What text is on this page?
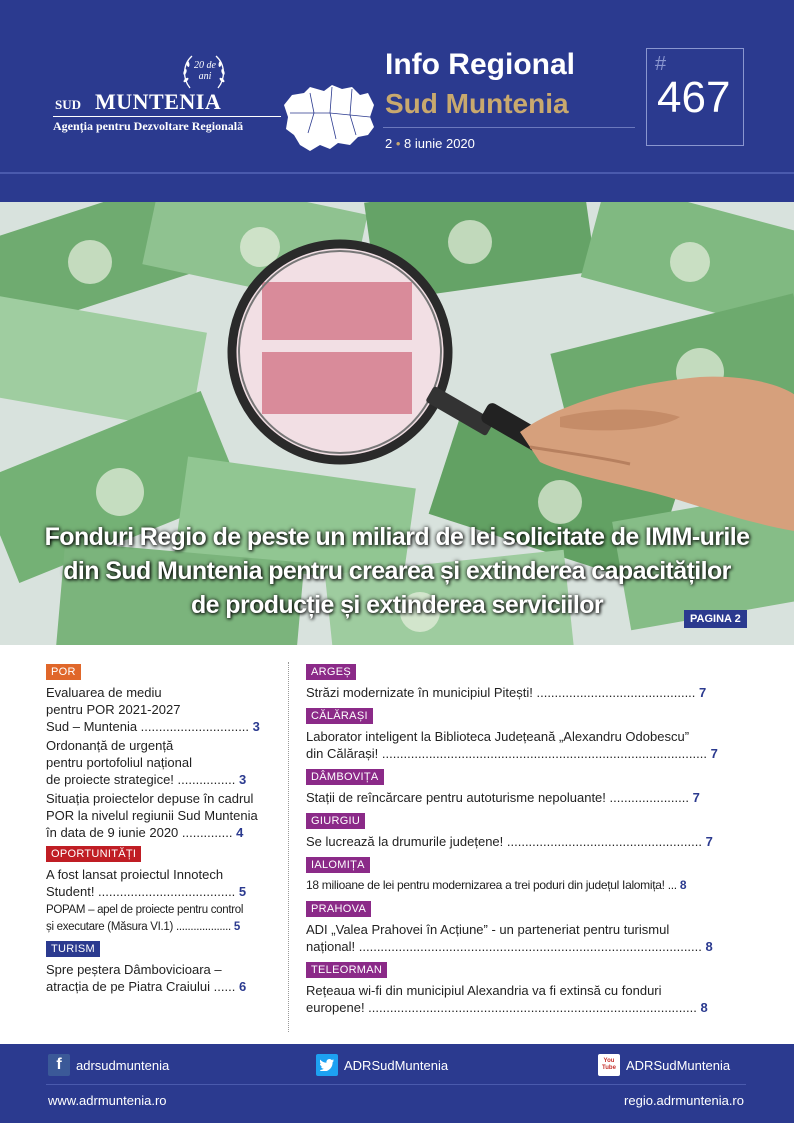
20 de ani
SUD MUNTENIA
Agenția pentru Dezvoltare Regională
Info Regional
Sud Muntenia
2 • 8 iunie 2020
#
467
Fonduri Regio de peste un miliard de lei solicitate de IMM-urile
din Sud Muntenia pentru crearea și extinderea capacităților
de producție și extinderea serviciilor	PAGINA 2
POR
Evaluarea de mediu
pentru POR 2021-2027
Sud – Muntenia .............................. 3
Ordonanță de urgență
pentru portofoliul național
de proiecte strategice! ................ 3
Situația proiectelor depuse în cadrul
POR la nivelul regiunii Sud Muntenia
în data de 9 iunie 2020 .............. 4
OPORTUNITĂȚI
A fost lansat proiectul Innotech
Student! ...................................... 5
POPAM – apel de proiecte pentru control
și executare (Măsura VI.1) ................... 5
TURISM
Spre peștera Dâmbovicioara –
atracția de pe Piatra Craiului ...... 6
ARGEȘ
Străzi modernizate în municipiul Pitești! ............................................ 7
CĂLĂRAȘI
Laborator inteligent la Biblioteca Județeană „Alexandru Odobescu”
din Călărași! .......................................................................................... 7
DÂMBOVIȚA
Stații de reîncărcare pentru autoturisme nepoluante! ...................... 7
GIURGIU
Se lucrează la drumurile județene! ...................................................... 7
IALOMIȚA
18 milioane de lei pentru modernizarea a trei poduri din județul Ialomița! ... 8
PRAHOVA
ADI „Valea Prahovei în Acțiune” - un parteneriat pentru turismul
național! ............................................................................................... 8
TELEORMAN
Rețeaua wi-fi din municipiul Alexandria va fi extinsă cu fonduri
europene! ........................................................................................... 8
f	adrsudmuntenia	ADRSudMuntenia	You Tube ADRSudMuntenia
www.adrmuntenia.ro	regio.adrmuntenia.ro
